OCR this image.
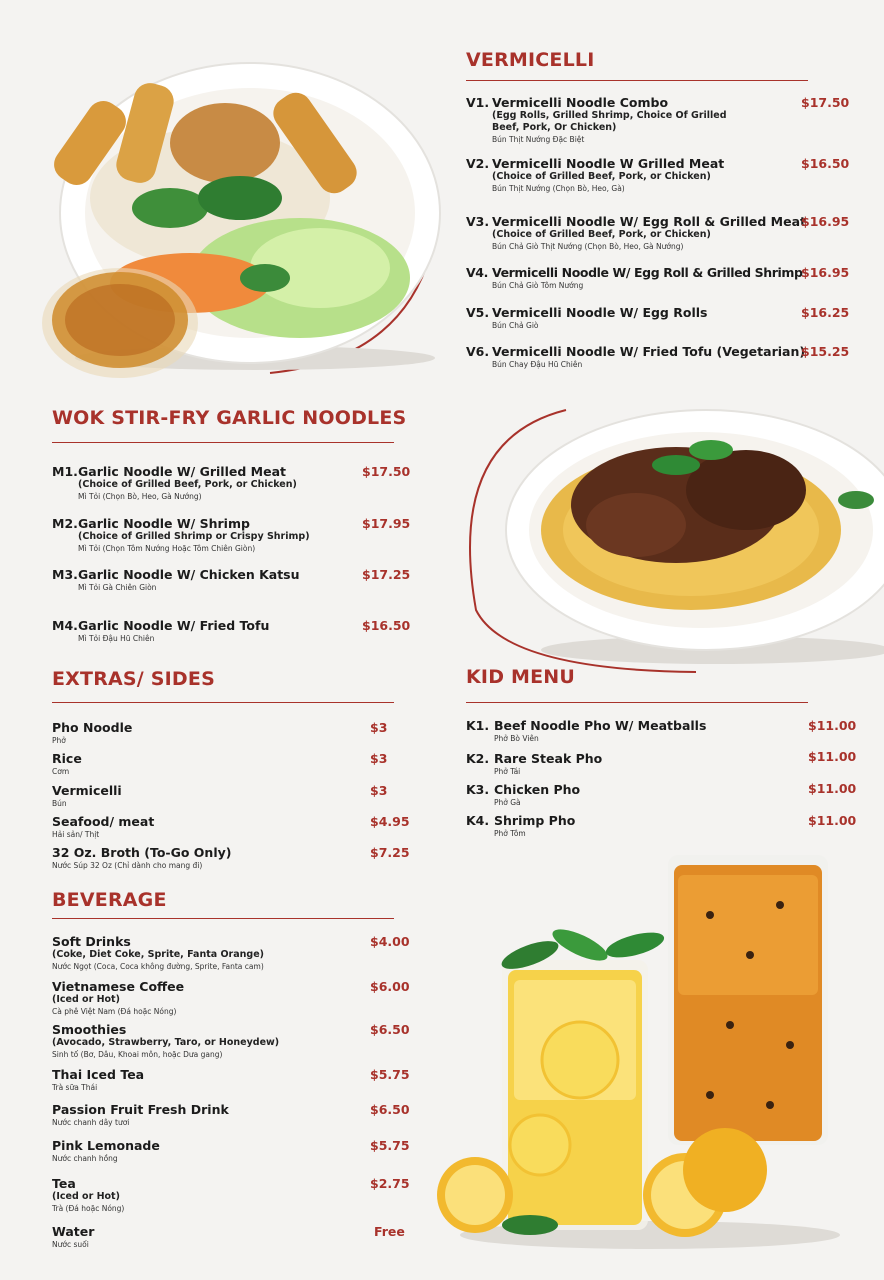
VERMICELLI
V1. Vermicelli Noodle Combo
(Egg Rolls, Grilled Shrimp, Choice Of Grilled Beef, Pork, Or Chicken)
Bún Thịt Nướng Đặc Biệt
$17.50
V2. Vermicelli Noodle W Grilled Meat
(Choice of Grilled Beef, Pork, or Chicken)
Bún Thịt Nướng (Chọn Bò, Heo, Gà)
$16.50
V3. Vermicelli Noodle W/ Egg Roll & Grilled Meat
(Choice of Grilled Beef, Pork, or Chicken)
Bún Chả Giò Thịt Nướng (Chọn Bò, Heo, Gà Nướng)
$16.95
V4. Vermicelli Noodle W/ Egg Roll & Grilled Shrimp
Bún Chả Giò Tôm Nướng
$16.95
V5. Vermicelli Noodle W/ Egg Rolls
Bún Chả Giò
$16.25
V6. Vermicelli Noodle W/ Fried Tofu (Vegetarian)
Bún Chay Đậu Hũ Chiên
$15.25
WOK STIR-FRY GARLIC NOODLES
M1.Garlic Noodle W/ Grilled Meat
(Choice of Grilled Beef, Pork, or Chicken)
Mì Tỏi (Chọn Bò, Heo, Gà Nướng)
$17.50
M2.Garlic Noodle W/ Shrimp
(Choice of Grilled Shrimp or Crispy Shrimp)
Mì Tỏi (Chọn Tôm Nướng Hoặc Tôm Chiên Giòn)
$17.95
M3.Garlic Noodle W/ Chicken Katsu
Mì Tỏi Gà Chiên Giòn
$17.25
M4.Garlic Noodle W/ Fried Tofu
Mì Tỏi Đậu Hũ Chiên
$16.50
EXTRAS/ SIDES
Pho Noodle
Phở
$3
Rice
Cơm
$3
Vermicelli
Bún
$3
Seafood/ meat
Hải sản/ Thịt
$4.95
32 Oz. Broth (To-Go Only)
Nước Súp 32 Oz (Chỉ dành cho mang đi)
$7.25
KID MENU
K1. Beef Noodle Pho W/ Meatballs
Phở Bò Viên
$11.00
K2. Rare Steak Pho
Phở Tái
$11.00
K3. Chicken Pho
Phở Gà
$11.00
K4. Shrimp Pho
Phở Tôm
$11.00
BEVERAGE
Soft Drinks
(Coke, Diet Coke, Sprite, Fanta Orange)
Nước Ngọt (Coca, Coca không đường, Sprite, Fanta cam)
$4.00
Vietnamese Coffee
(Iced or Hot)
Cà phê Việt Nam (Đá hoặc Nóng)
$6.00
Smoothies
(Avocado, Strawberry, Taro, or Honeydew)
Sinh tố (Bơ, Dâu, Khoai môn, hoặc Dưa gang)
$6.50
Thai Iced Tea
Trà sữa Thái
$5.75
Passion Fruit Fresh Drink
Nước chanh dây tươi
$6.50
Pink Lemonade
Nước chanh hồng
$5.75
Tea
(Iced or Hot)
Trà (Đá hoặc Nóng)
$2.75
Water
Nước suối
Free
